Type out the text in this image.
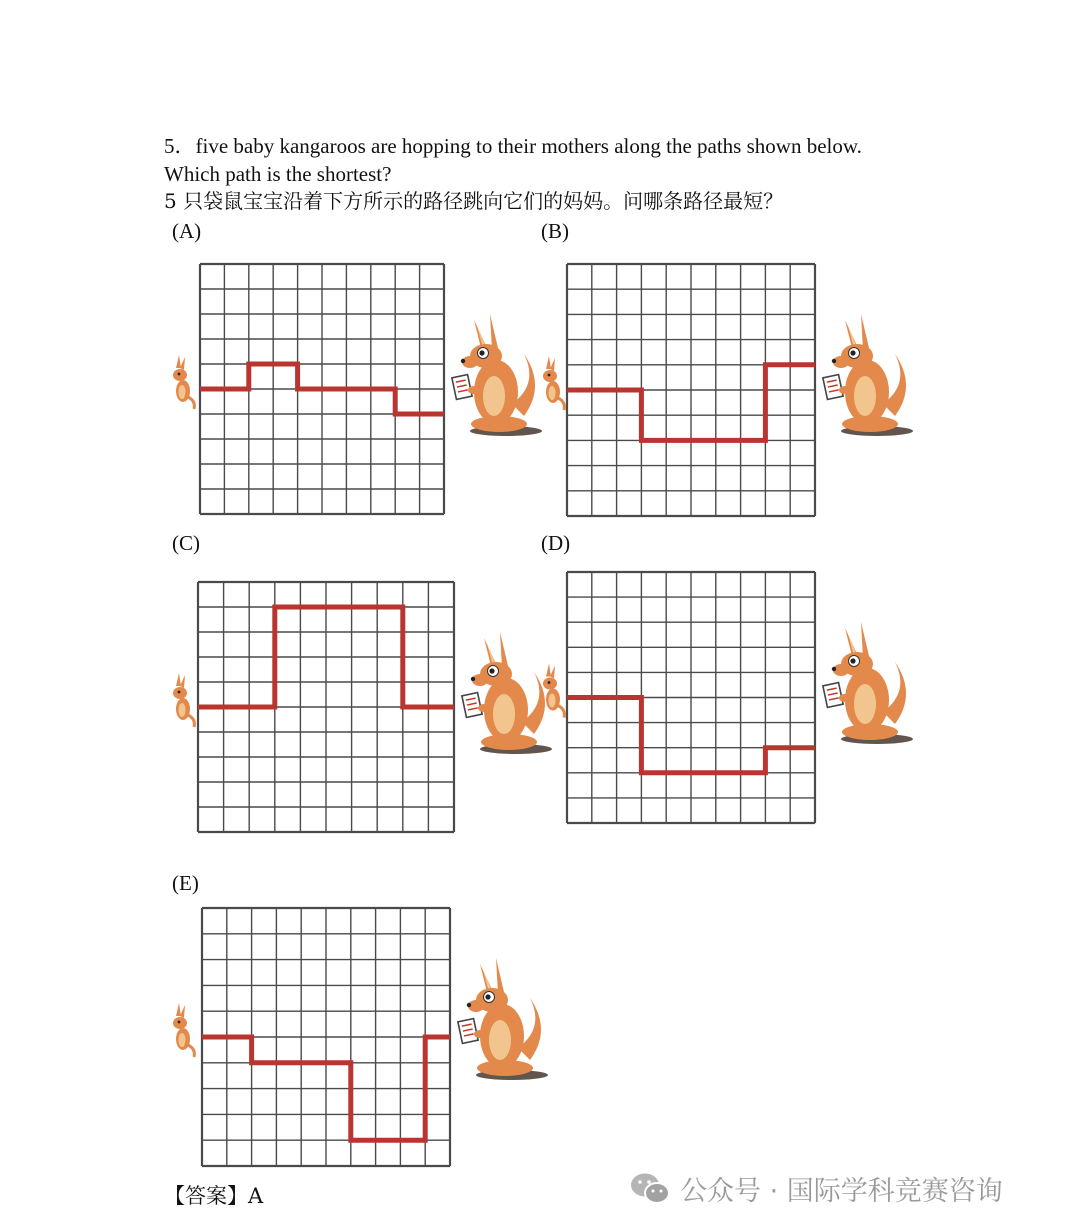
5．five baby kangaroos are hopping to their mothers along the paths shown below.
Which path is the shortest?
5 只袋鼠宝宝沿着下方所示的路径跳向它们的妈妈。问哪条路径最短？
(A)	(B)
(C)	(D)
(E)
【答案】A	公众号 · 国际学科竞赛咨询
